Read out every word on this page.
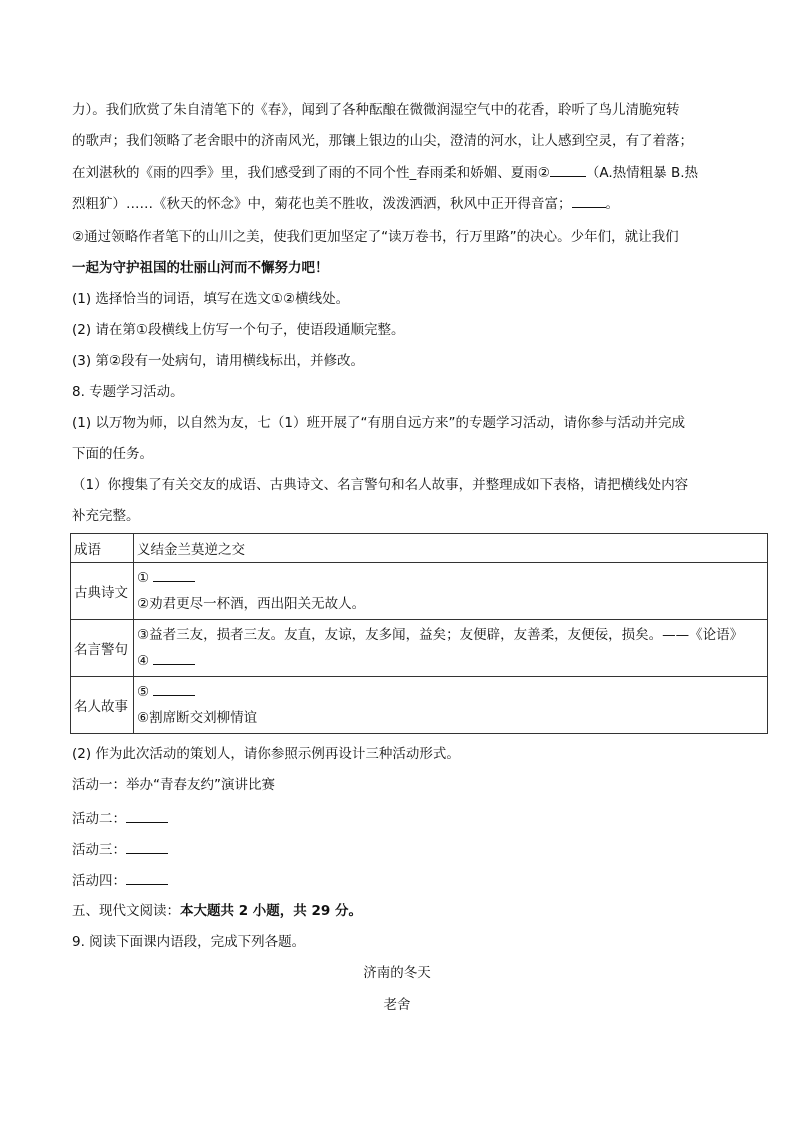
力）。我们欣赏了朱自清笔下的《春》，闻到了各种酝酿在微微润湿空气中的花香，聆听了鸟儿清脆宛转
的歌声；我们领略了老舍眼中的济南风光，那镶上银边的山尖，澄清的河水，让人感到空灵，有了着落；
在刘湛秋的《雨的四季》里，我们感受到了雨的不同个性_春雨柔和娇媚、夏雨②	（A.热情粗暴 B.热
烈粗犷）……《秋天的怀念》中，菊花也美不胜收，泼泼洒洒，秋风中正开得音富；	。
②通过领略作者笔下的山川之美，使我们更加坚定了“读万卷书，行万里路”的决心。少年们，就让我们
一起为守护祖国的壮丽山河而不懈努力吧！
(1) 选择恰当的词语，填写在选文①②横线处。
(2) 请在第①段横线上仿写一个句子，使语段通顺完整。
(3) 第②段有一处病句，请用横线标出，并修改。
8. 专题学习活动。
(1) 以万物为师，以自然为友，七（1）班开展了“有朋自远方来”的专题学习活动，请你参与活动并完成
下面的任务。
（1）你搜集了有关交友的成语、古典诗文、名言警句和名人故事，并整理成如下表格，请把横线处内容
补充完整。
成语	义结金兰莫逆之交
古典诗文	①
②劝君更尽一杯酒，西出阳关无故人。

名言警句	③益者三友，损者三友。友直，友谅，友多闻，益矣；友便辟，友善柔，友便佞，损矣。——《论语》
④

名人故事	⑤
⑥割席断交刘柳情谊
(2) 作为此次活动的策划人，请你参照示例再设计三种活动形式。
活动一：举办“青春友约”演讲比赛
活动二：
活动三：
活动四：
五、现代文阅读：本大题共 2 小题，共 29 分。
9. 阅读下面课内语段，完成下列各题。
济南的冬天
老舍
